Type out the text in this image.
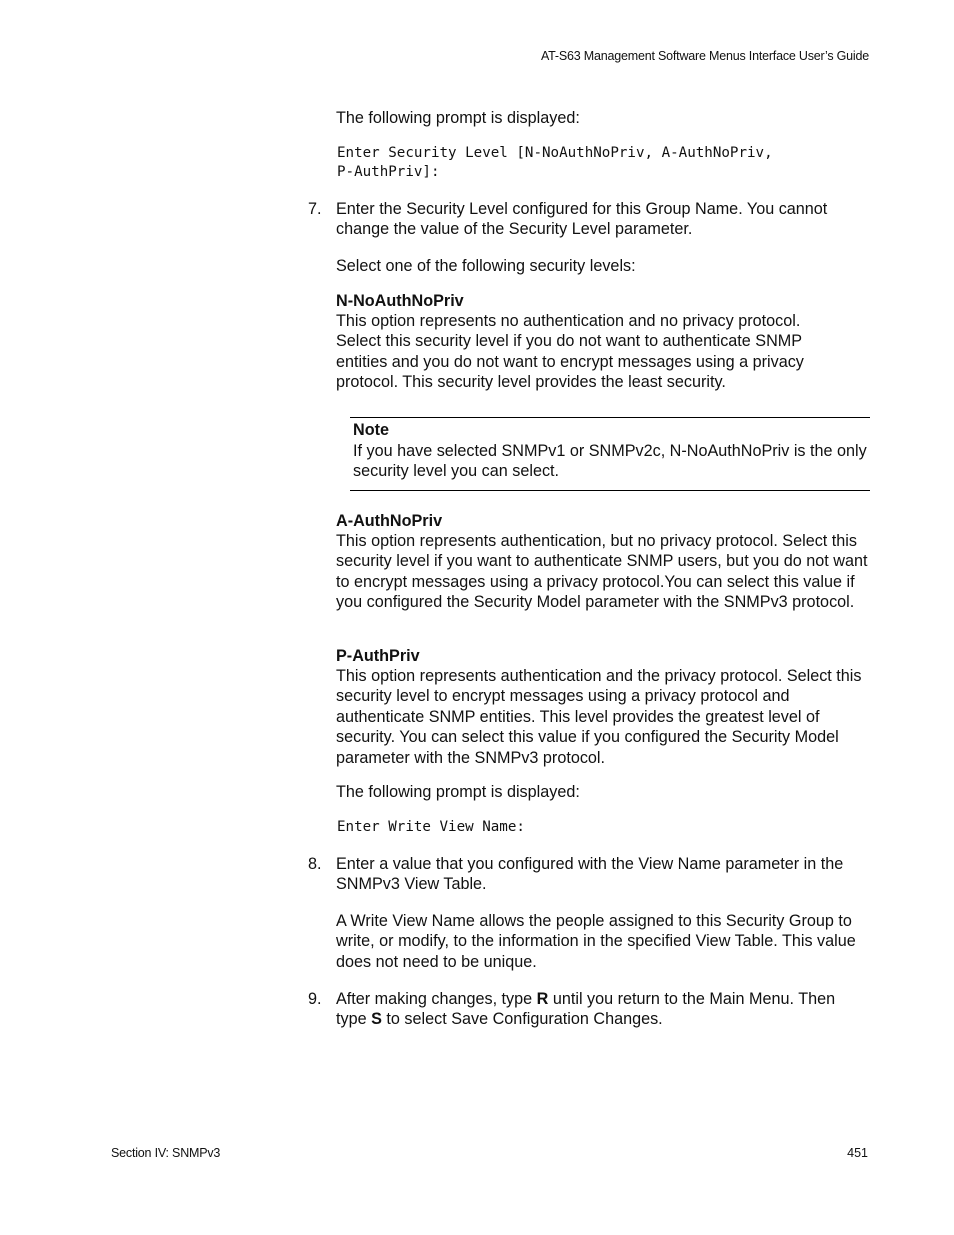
AT-S63 Management Software Menus Interface User’s Guide

The following prompt is displayed:

Enter Security Level [N-NoAuthNoPriv, A-AuthNoPriv,

P-AuthPriv]:

7. Enter the Security Level configured for this Group Name. You cannot change the value of the Security Level parameter.

Select one of the following security levels:

N-NoAuthNoPriv

This option represents no authentication and no privacy protocol. Select this security level if you do not want to authenticate SNMP entities and you do not want to encrypt messages using a privacy protocol. This security level provides the least security.

Note

If you have selected SNMPv1 or SNMPv2c, N-NoAuthNoPriv is the only security level you can select.

A-AuthNoPriv

This option represents authentication, but no privacy protocol. Select this security level if you want to authenticate SNMP users, but you do not want to encrypt messages using a privacy protocol.You can select this value if you configured the Security Model parameter with the SNMPv3 protocol.

P-AuthPriv

This option represents authentication and the privacy protocol. Select this security level to encrypt messages using a privacy protocol and authenticate SNMP entities. This level provides the greatest level of security. You can select this value if you configured the Security Model parameter with the SNMPv3 protocol.

The following prompt is displayed:

Enter Write View Name:

8. Enter a value that you configured with the View Name parameter in the SNMPv3 View Table.

A Write View Name allows the people assigned to this Security Group to write, or modify, to the information in the specified View Table. This value does not need to be unique.

9. After making changes, type R until you return to the Main Menu. Then type S to select Save Configuration Changes.

Section IV: SNMPv3	451
